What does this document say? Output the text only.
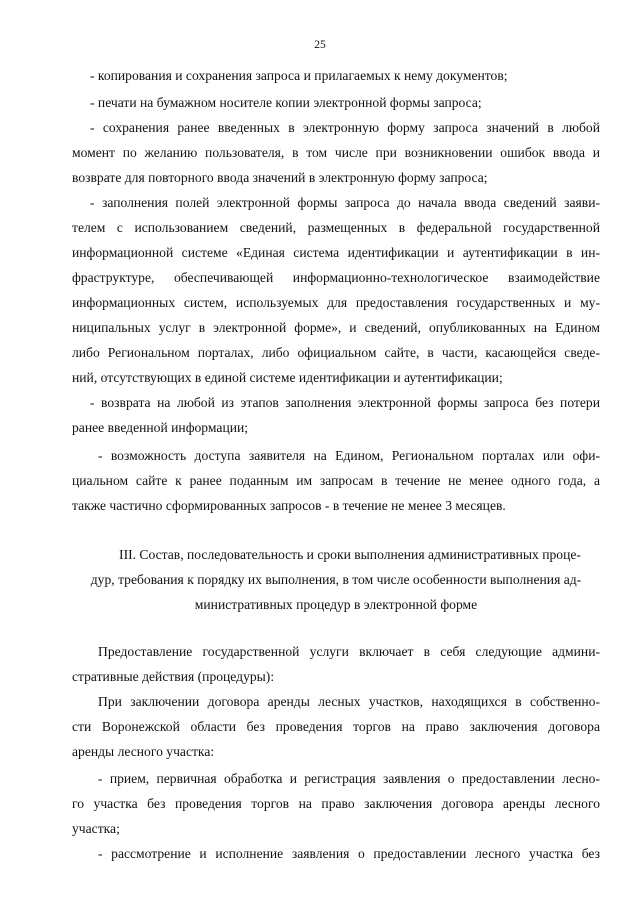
25
- копирования и сохранения запроса и прилагаемых к нему документов;
- печати на бумажном носителе копии электронной формы запроса;
- сохранения ранее введенных в электронную форму запроса значений в любой
момент по желанию пользователя, в том числе при возникновении ошибок ввода и
возврате для повторного ввода значений в электронную форму запроса;
- заполнения полей электронной формы запроса до начала ввода сведений заяви-
телем с использованием сведений, размещенных в федеральной государственной
информационной системе «Единая система идентификации и аутентификации в ин-
фраструктуре, обеспечивающей информационно-технологическое взаимодействие
информационных систем, используемых для предоставления государственных и му-
ниципальных услуг в электронной форме», и сведений, опубликованных на Едином
либо Региональном порталах, либо официальном сайте, в части, касающейся сведе-
ний, отсутствующих в единой системе идентификации и аутентификации;
- возврата на любой из этапов заполнения электронной формы запроса без потери
ранее введенной информации;
- возможность доступа заявителя на Едином, Региональном порталах или офи-
циальном сайте к ранее поданным им запросам в течение не менее одного года, а
также частично сформированных запросов - в течение не менее 3 месяцев.
III. Состав, последовательность и сроки выполнения административных проце-
дур, требования к порядку их выполнения, в том числе особенности выполнения ад-
министративных процедур в электронной форме
Предоставление государственной услуги включает в себя следующие админи-
стративные действия (процедуры):
При заключении договора аренды лесных участков, находящихся в собственно-
сти Воронежской области без проведения торгов на право заключения договора
аренды лесного участка:
- прием, первичная обработка и регистрация заявления о предоставлении лесно-
го участка без проведения торгов на право заключения договора аренды лесного
участка;
- рассмотрение и исполнение заявления о предоставлении лесного участка без
